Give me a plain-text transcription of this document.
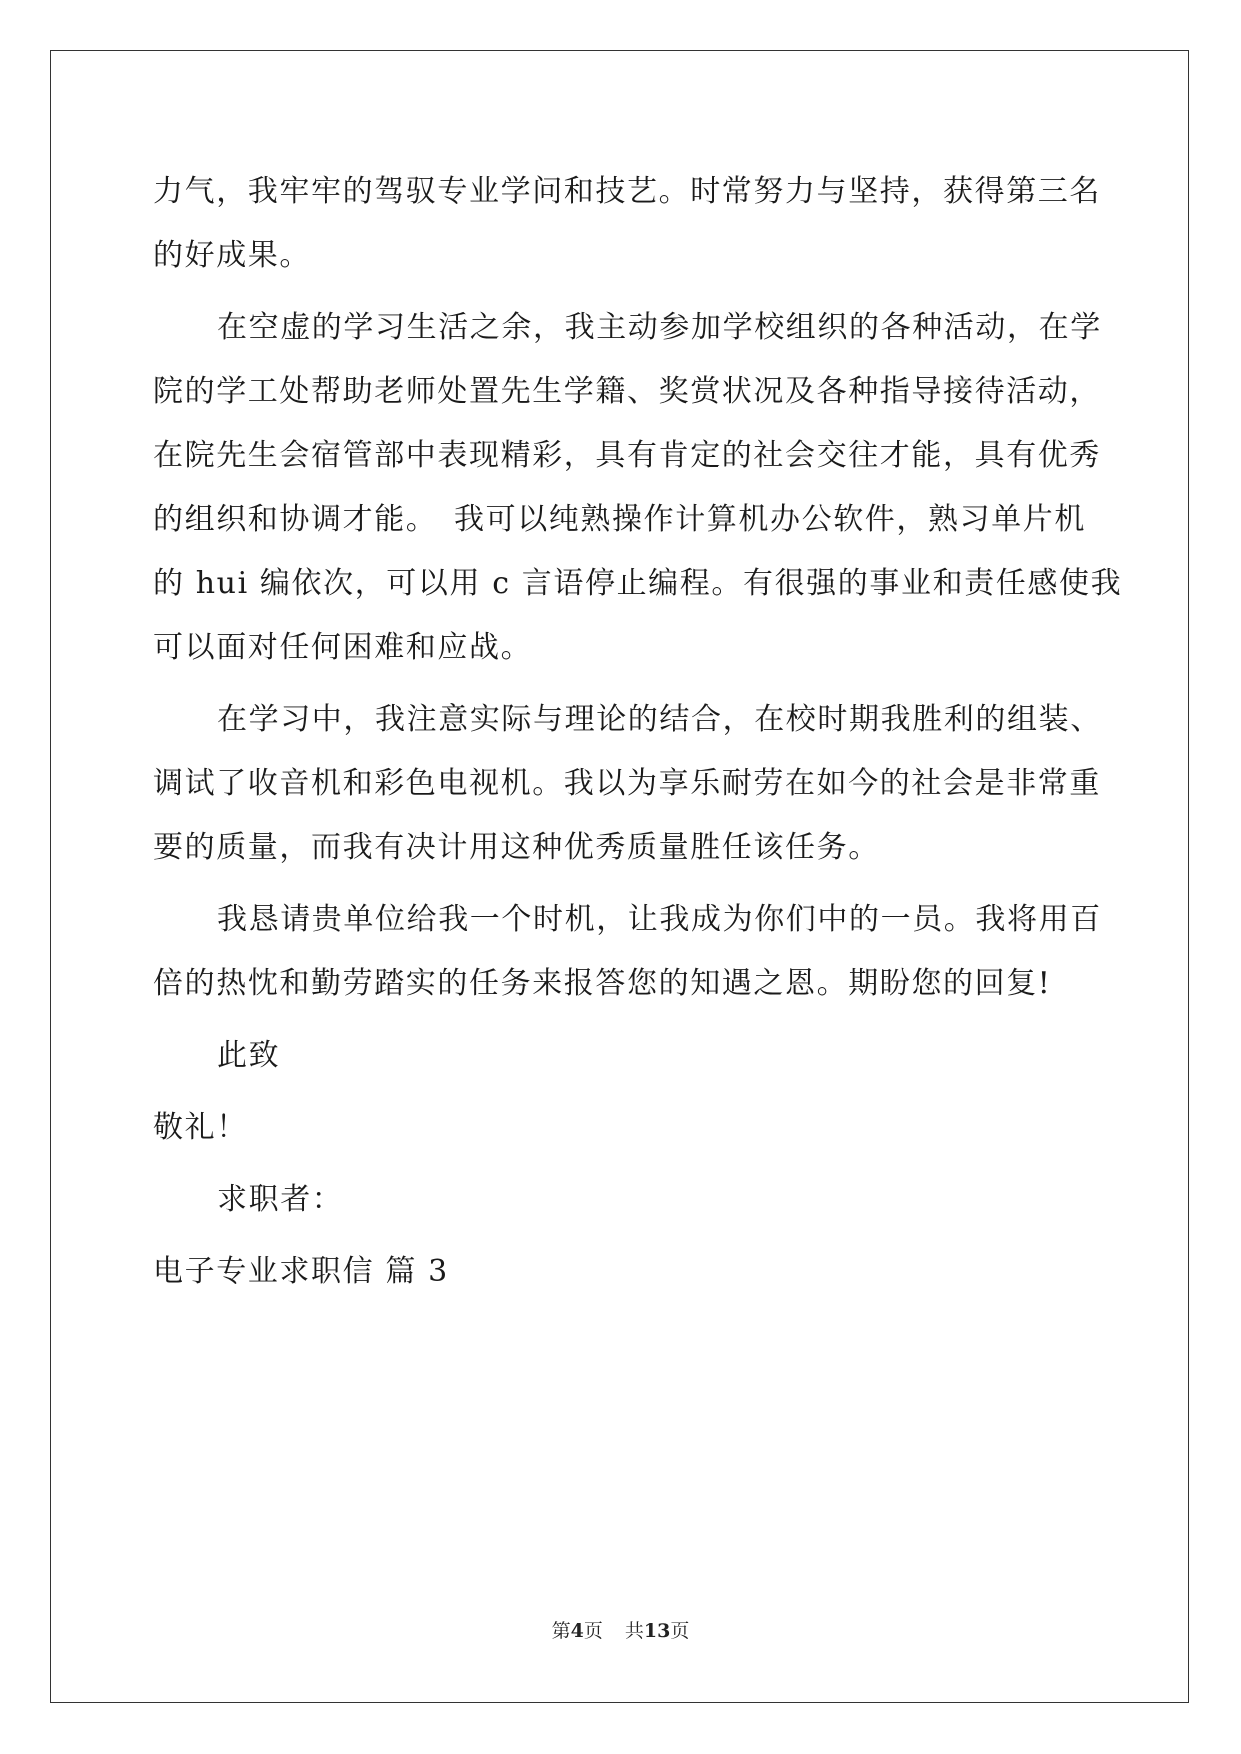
力气，我牢牢的驾驭专业学问和技艺。时常努力与坚持，获得第三名
的好成果。
在空虚的学习生活之余，我主动参加学校组织的各种活动，在学
院的学工处帮助老师处置先生学籍、奖赏状况及各种指导接待活动，
在院先生会宿管部中表现精彩，具有肯定的社会交往才能，具有优秀
的组织和协调才能。　我可以纯熟操作计算机办公软件，熟习单片机
的 hui 编依次，可以用 c 言语停止编程。有很强的事业和责任感使我
可以面对任何困难和应战。
在学习中，我注意实际与理论的结合，在校时期我胜利的组装、
调试了收音机和彩色电视机。我以为享乐耐劳在如今的社会是非常重
要的质量，而我有决计用这种优秀质量胜任该任务。
我恳请贵单位给我一个时机，让我成为你们中的一员。我将用百
倍的热忱和勤劳踏实的任务来报答您的知遇之恩。期盼您的回复!
此致
敬礼！
求职者：
电子专业求职信 篇 3
第4页 共13页
